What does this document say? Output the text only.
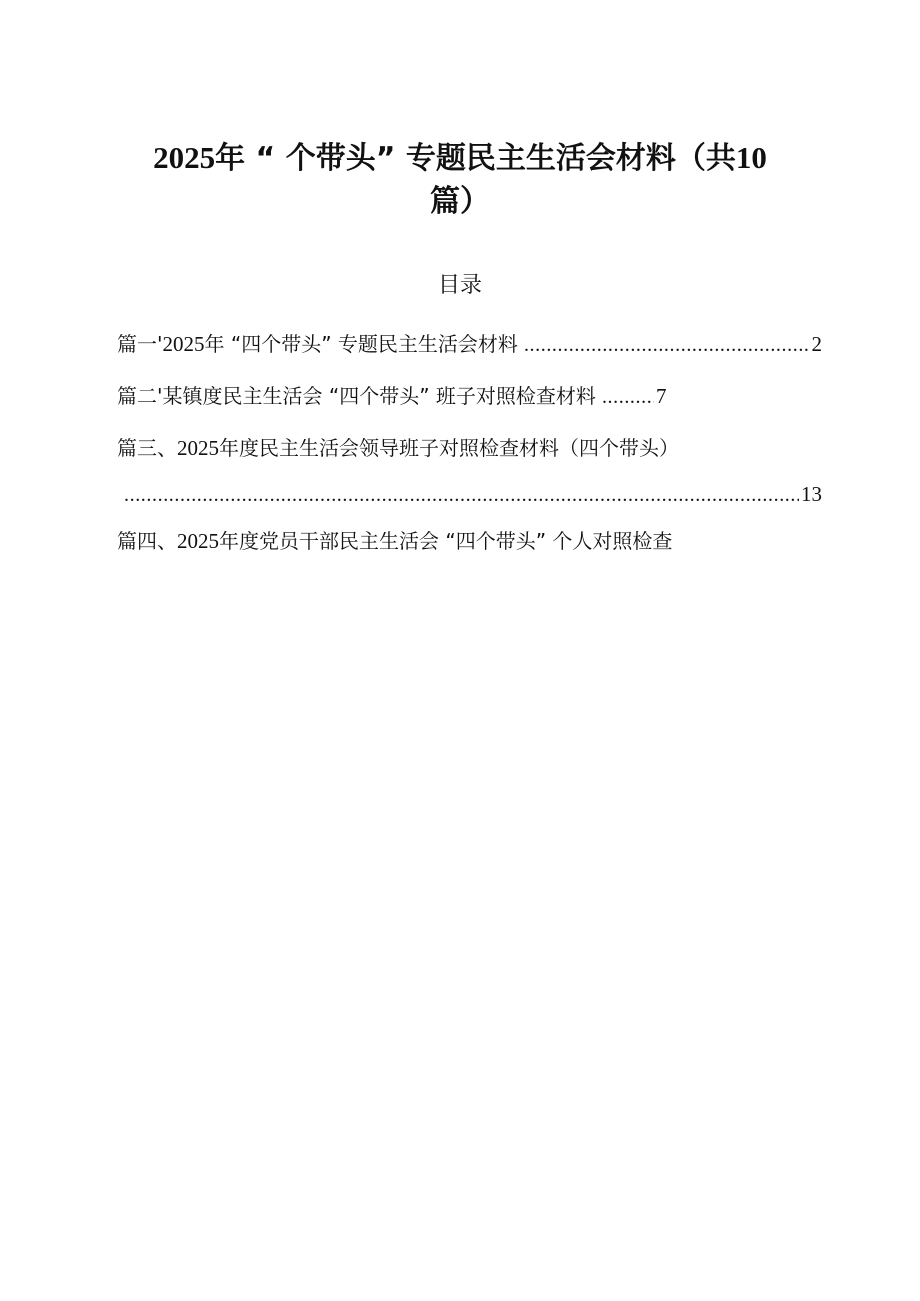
2025年 “ 个带头” 专题民主生活会材料（共10
篇）
目录
篇一'2025年 “四个带头” 专题民主生活会材料 .....	2
篇二'某镇度民主生活会 “四个带头” 班子对照检查材料 .....	7
篇三、2025年度民主生活会领导班子对照检查材料（四个带头）
.....
13
篇四、2025年度党员干部民主生活会 “四个带头” 个人对照检查
